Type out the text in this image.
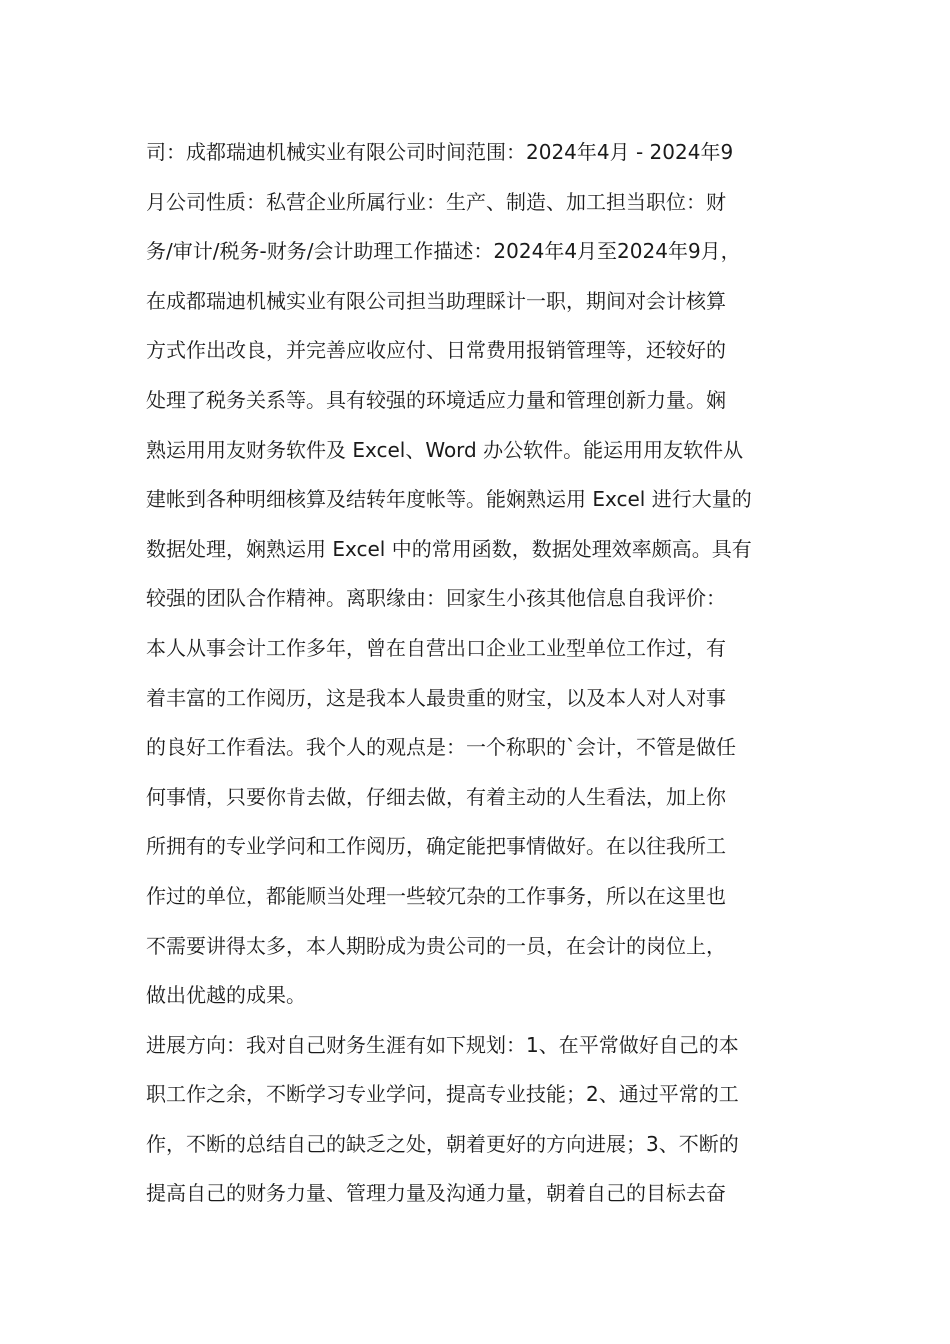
司：成都瑞迪机械实业有限公司时间范围：2024年4月 - 2024年9
月公司性质：私营企业所属行业：生产、制造、加工担当职位：财
务/审计/税务-财务/会计助理工作描述：2024年4月至2024年9月，
在成都瑞迪机械实业有限公司担当助理睬计一职，期间对会计核算
方式作出改良，并完善应收应付、日常费用报销管理等，还较好的
处理了税务关系等。具有较强的环境适应力量和管理创新力量。娴
熟运用用友财务软件及 Excel、Word 办公软件。能运用用友软件从
建帐到各种明细核算及结转年度帐等。能娴熟运用 Excel 进行大量的
数据处理，娴熟运用 Excel 中的常用函数，数据处理效率颇高。具有
较强的团队合作精神。离职缘由：回家生小孩其他信息自我评价：
本人从事会计工作多年，曾在自营出口企业工业型单位工作过，有
着丰富的工作阅历，这是我本人最贵重的财宝，以及本人对人对事
的良好工作看法。我个人的观点是：一个称职的`会计，不管是做任
何事情，只要你肯去做，仔细去做，有着主动的人生看法，加上你
所拥有的专业学问和工作阅历，确定能把事情做好。在以往我所工
作过的单位，都能顺当处理一些较冗杂的工作事务，所以在这里也
不需要讲得太多，本人期盼成为贵公司的一员，在会计的岗位上，
做出优越的成果。
进展方向：我对自己财务生涯有如下规划：1、在平常做好自己的本
职工作之余，不断学习专业学问，提高专业技能；2、通过平常的工
作，不断的总结自己的缺乏之处，朝着更好的方向进展；3、不断的
提高自己的财务力量、管理力量及沟通力量，朝着自己的目标去奋
